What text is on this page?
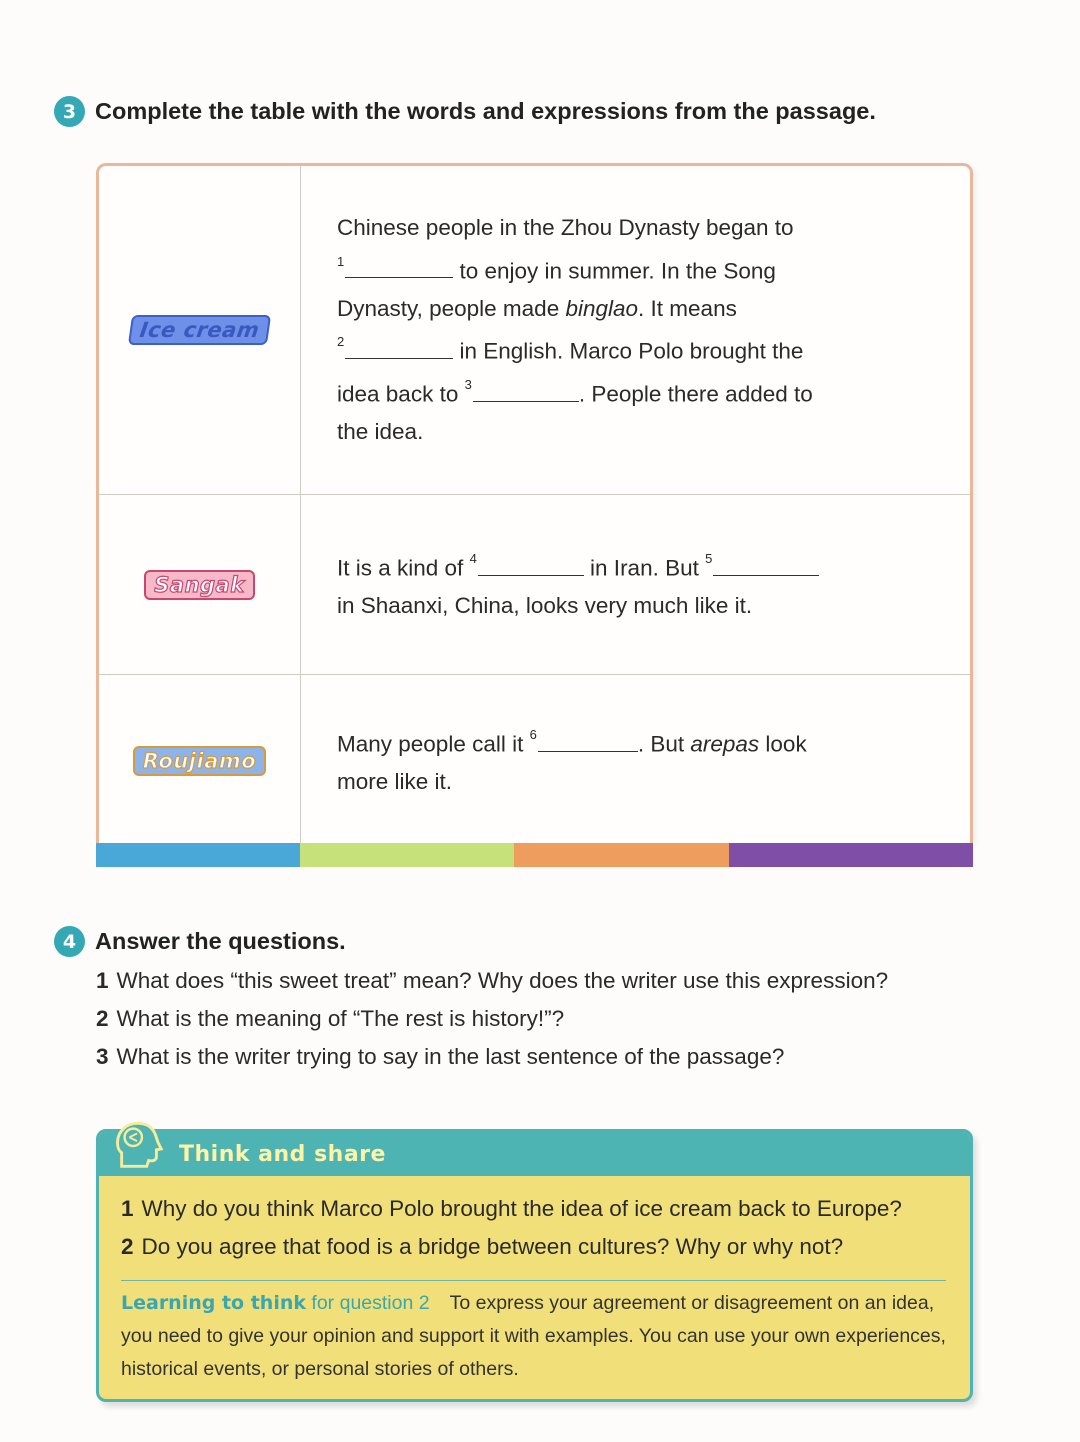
3 Complete the table with the words and expressions from the passage.
Ice cream
Chinese people in the Zhou Dynasty began to
$^1$	to enjoy in summer. In the Song Dynasty, people made binglao. It means
$^2$	in English. Marco Polo brought the idea back to $^3$	. People there added to the idea.
Sangak
It is a kind of $^4$	in Iran. But $^5$
in Shaanxi, China, looks very much like it.
Roujiamo
Many people call it $^6$	. But arepas look more like it.
4 Answer the questions.
1 What does “this sweet treat” mean? Why does the writer use this expression?
2 What is the meaning of “The rest is history!”?
3 What is the writer trying to say in the last sentence of the passage?
Think and share
1 Why do you think Marco Polo brought the idea of ice cream back to Europe?
2 Do you agree that food is a bridge between cultures? Why or why not?
Learning to think for question 2 To express your agreement or disagreement on an idea, you need to give your opinion and support it with examples. You can use your own experiences, historical events, or personal stories of others.
